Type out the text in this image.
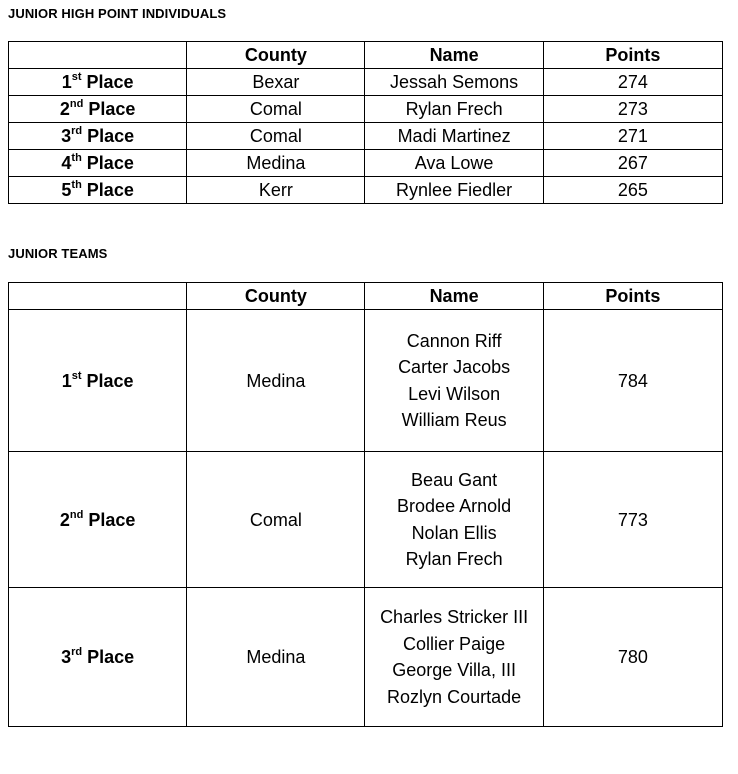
JUNIOR HIGH POINT INDIVIDUALS
	County	Name	Points
1st Place	Bexar	Jessah Semons	274
2nd Place	Comal	Rylan Frech	273
3rd Place	Comal	Madi Martinez	271
4th Place	Medina	Ava Lowe	267
5th Place	Kerr	Rynlee Fiedler	265
JUNIOR TEAMS
	County	Name	Points
1st Place	Medina	Cannon Riff
Carter Jacobs
Levi Wilson
William Reus	784
2nd Place	Comal	Beau Gant
Brodee Arnold
Nolan Ellis
Rylan Frech	773
3rd Place	Medina	Charles Stricker III
Collier Paige
George Villa, III
Rozlyn Courtade	780
